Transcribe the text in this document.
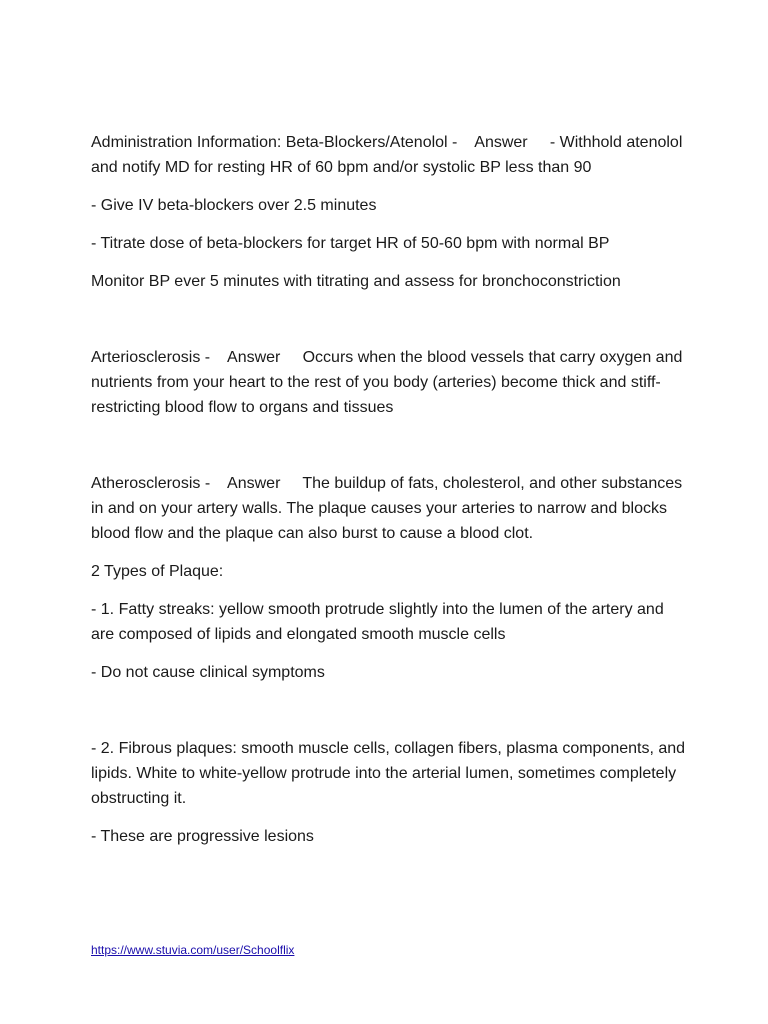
Administration Information: Beta-Blockers/Atenolol -    Answer     - Withhold atenolol and notify MD for resting HR of 60 bpm and/or systolic BP less than 90

- Give IV beta-blockers over 2.5 minutes

- Titrate dose of beta-blockers for target HR of 50-60 bpm with normal BP

Monitor BP ever 5 minutes with titrating and assess for bronchoconstriction

Arteriosclerosis -    Answer     Occurs when the blood vessels that carry oxygen and nutrients from your heart to the rest of you body (arteries) become thick and stiff- restricting blood flow to organs and tissues

Atherosclerosis -    Answer     The buildup of fats, cholesterol, and other substances in and on your artery walls. The plaque causes your arteries to narrow and blocks blood flow and the plaque can also burst to cause a blood clot.

2 Types of Plaque:

- 1. Fatty streaks: yellow smooth protrude slightly into the lumen of the artery and are composed of lipids and elongated smooth muscle cells

- Do not cause clinical symptoms

- 2. Fibrous plaques: smooth muscle cells, collagen fibers, plasma components, and lipids. White to white-yellow protrude into the arterial lumen, sometimes completely obstructing it.

- These are progressive lesions

https://www.stuvia.com/user/Schoolflix
